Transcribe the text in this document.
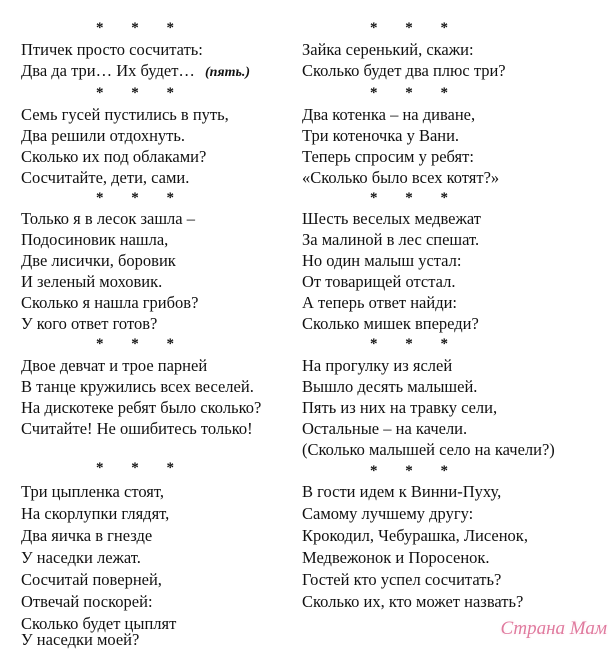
* * *
Птичек просто сосчитать:
Два да три… Их будет… (пять.)
* * *
Семь гусей пустились в путь,
Два решили отдохнуть.
Сколько их под облаками?
Сосчитайте, дети, сами.
* * *
Только я в лесок зашла –
Подосиновик нашла,
Две лисички, боровик
И зеленый моховик.
Сколько я нашла грибов?
У кого ответ готов?
* * *
Двое девчат и трое парней
В танце кружились всех веселей.
На дискотеке ребят было сколько?
Считайте! Не ошибитесь только!
* * *
Три цыпленка стоят,
На скорлупки глядят,
Два яичка в гнезде
У наседки лежат.
Сосчитай поверней,
Отвечай поскорей:
Сколько будет цыплят
У наседки моей?
* * *
Зайка серенький, скажи:
Сколько будет два плюс три?
* * *
Два котенка – на диване,
Три котеночка у Вани.
Теперь спросим у ребят:
«Сколько было всех котят?»
* * *
Шесть веселых медвежат
За малиной в лес спешат.
Но один малыш устал:
От товарищей отстал.
А теперь ответ найди:
Сколько мишек впереди?
* * *
На прогулку из яслей
Вышло десять малышей.
Пять из них на травку сели,
Остальные – на качели.
(Сколько малышей село на качели?)
* * *
В гости идем к Винни-Пуху,
Самому лучшему другу:
Крокодил, Чебурашка, Лисенок,
Медвежонок и Поросенок.
Гостей кто успел сосчитать?
Сколько их, кто может назвать?
Страна Мам
